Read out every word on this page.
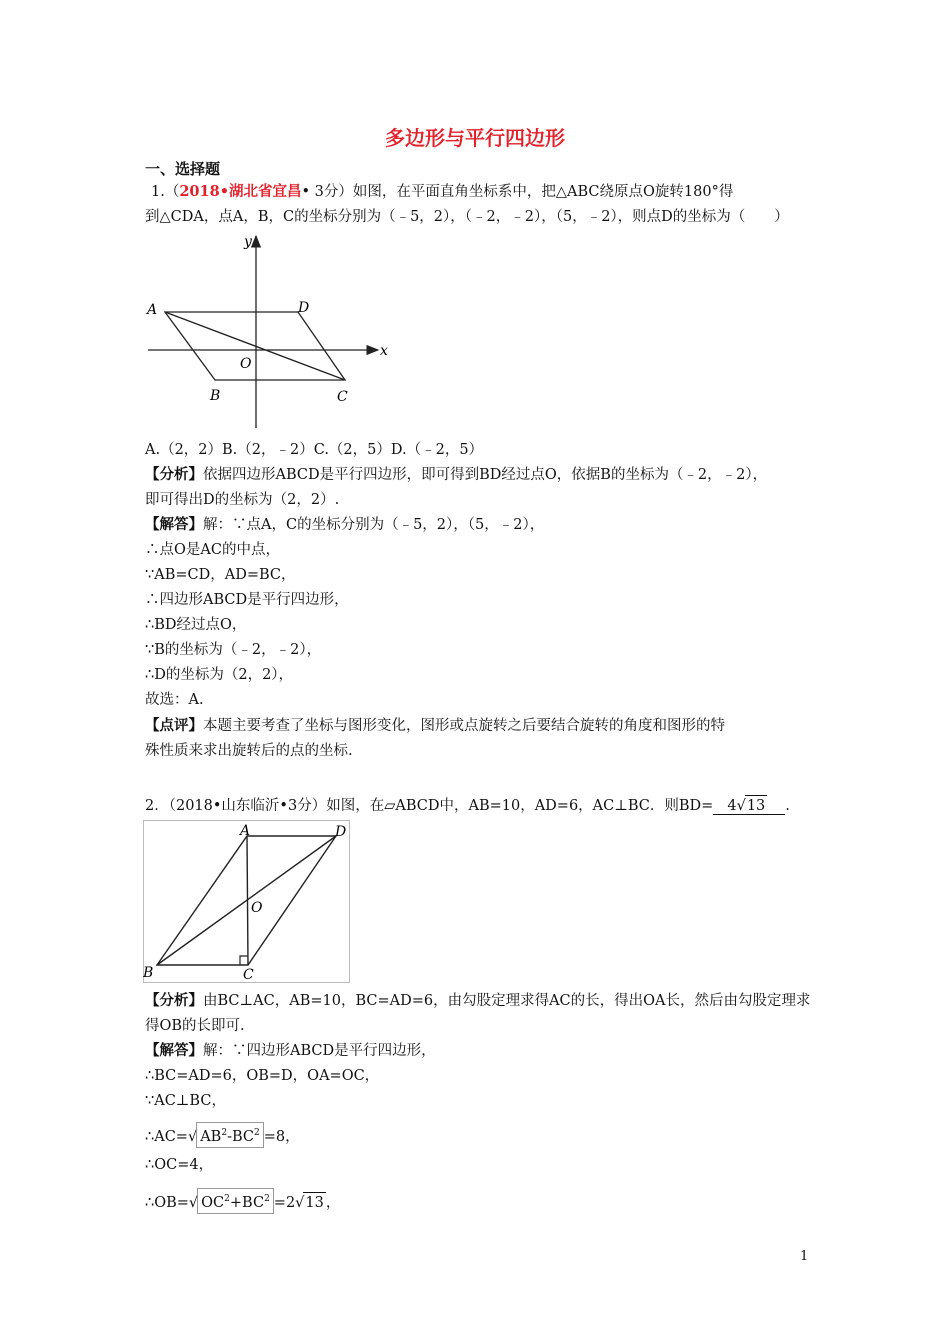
多边形与平行四边形
一、选择题
1.（2018•湖北省宜昌• 3分）如图，在平面直角坐标系中，把△ABC绕原点O旋转180°得
到△CDA，点A，B，C的坐标分别为（﹣5，2），（﹣2，﹣2），（5，﹣2），则点D的坐标为（　　）
y
x
A	D
O
B	C
A.（2，2）B.（2，﹣2）C.（2，5）D.（﹣2，5）
【分析】依据四边形ABCD是平行四边形，即可得到BD经过点O，依据B的坐标为（﹣2，﹣2），
即可得出D的坐标为（2，2）.
【解答】解：∵点A，C的坐标分别为（﹣5，2），（5，﹣2），
∴点O是AC的中点，
∵AB=CD，AD=BC，
∴四边形ABCD是平行四边形，
∴BD经过点O，
∵B的坐标为（﹣2，﹣2），
∴D的坐标为（2，2），
故选：A.
【点评】本题主要考查了坐标与图形变化，图形或点旋转之后要结合旋转的角度和图形的特
殊性质来求出旋转后的点的坐标.
2．（2018•山东临沂•3分）如图，在▱ABCD中，AB=10，AD=6，AC⊥BC．则BD= 4√13 .
A	D
O
B	C
【分析】由BC⊥AC，AB=10，BC=AD=6，由勾股定理求得AC的长，得出OA长，然后由勾股定理求
得OB的长即可.
【解答】解：∵四边形ABCD是平行四边形，
∴BC=AD=6，OB=D，OA=OC，
∵AC⊥BC，
∴AC=√ $AB^2-BC^2 =8$，
∴OC=4，
∴OB=√ $OC^2+BC^2 =2√13$ ，
1
